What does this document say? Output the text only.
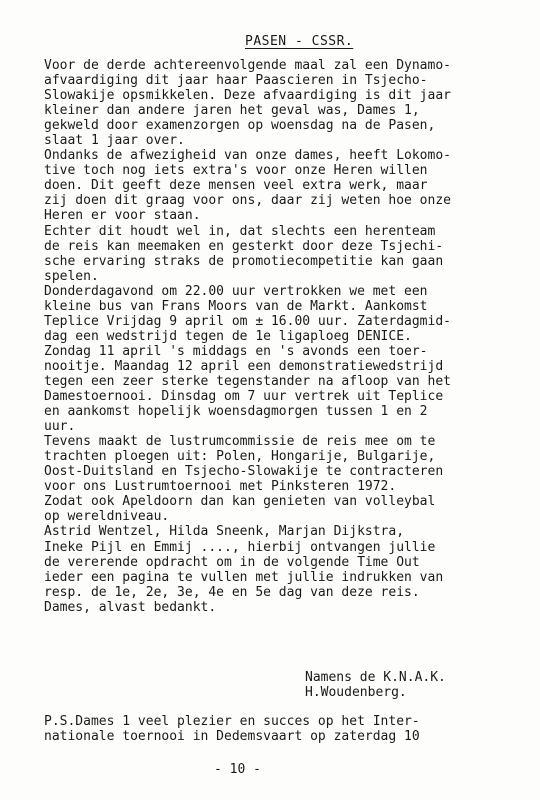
PASEN - CSSR.
Voor de derde achtereenvolgende maal zal een Dynamo-
afvaardiging dit jaar haar Paascieren in Tsjecho-
Slowakije opsmikkelen. Deze afvaardiging is dit jaar
kleiner dan andere jaren het geval was, Dames 1,
gekweld door examenzorgen op woensdag na de Pasen,
slaat 1 jaar over.
Ondanks de afwezigheid van onze dames, heeft Lokomo-
tive toch nog iets extra's voor onze Heren willen
doen. Dit geeft deze mensen veel extra werk, maar
zij doen dit graag voor ons, daar zij weten hoe onze
Heren er voor staan.
Echter dit houdt wel in, dat slechts een herenteam
de reis kan meemaken en gesterkt door deze Tsjechi-
sche ervaring straks de promotiecompetitie kan gaan
spelen.
Donderdagavond om 22.00 uur vertrokken we met een
kleine bus van Frans Moors van de Markt. Aankomst
Teplice Vrijdag 9 april om ± 16.00 uur. Zaterdagmid-
dag een wedstrijd tegen de 1e ligaploeg DENICE.
Zondag 11 april 's middags en 's avonds een toer-
nooitje. Maandag 12 april een demonstratiewedstrijd
tegen een zeer sterke tegenstander na afloop van het
Damestoernooi. Dinsdag om 7 uur vertrek uit Teplice
en aankomst hopelijk woensdagmorgen tussen 1 en 2
uur.
Tevens maakt de lustrumcommissie de reis mee om te
trachten ploegen uit: Polen, Hongarije, Bulgarije,
Oost-Duitsland en Tsjecho-Slowakije te contracteren
voor ons Lustrumtoernooi met Pinksteren 1972.
Zodat ook Apeldoorn dan kan genieten van volleybal
op wereldniveau.
Astrid Wentzel, Hilda Sneenk, Marjan Dijkstra,
Ineke Pijl en Emmij ...., hierbij ontvangen jullie
de vererende opdracht om in de volgende Time Out
ieder een pagina te vullen met jullie indrukken van
resp. de 1e, 2e, 3e, 4e en 5e dag van deze reis.
Dames, alvast bedankt.
Namens de K.N.A.K.
H.Woudenberg.
P.S.Dames 1 veel plezier en succes op het Inter-
nationale toernooi in Dedemsvaart op zaterdag 10
- 10 -
